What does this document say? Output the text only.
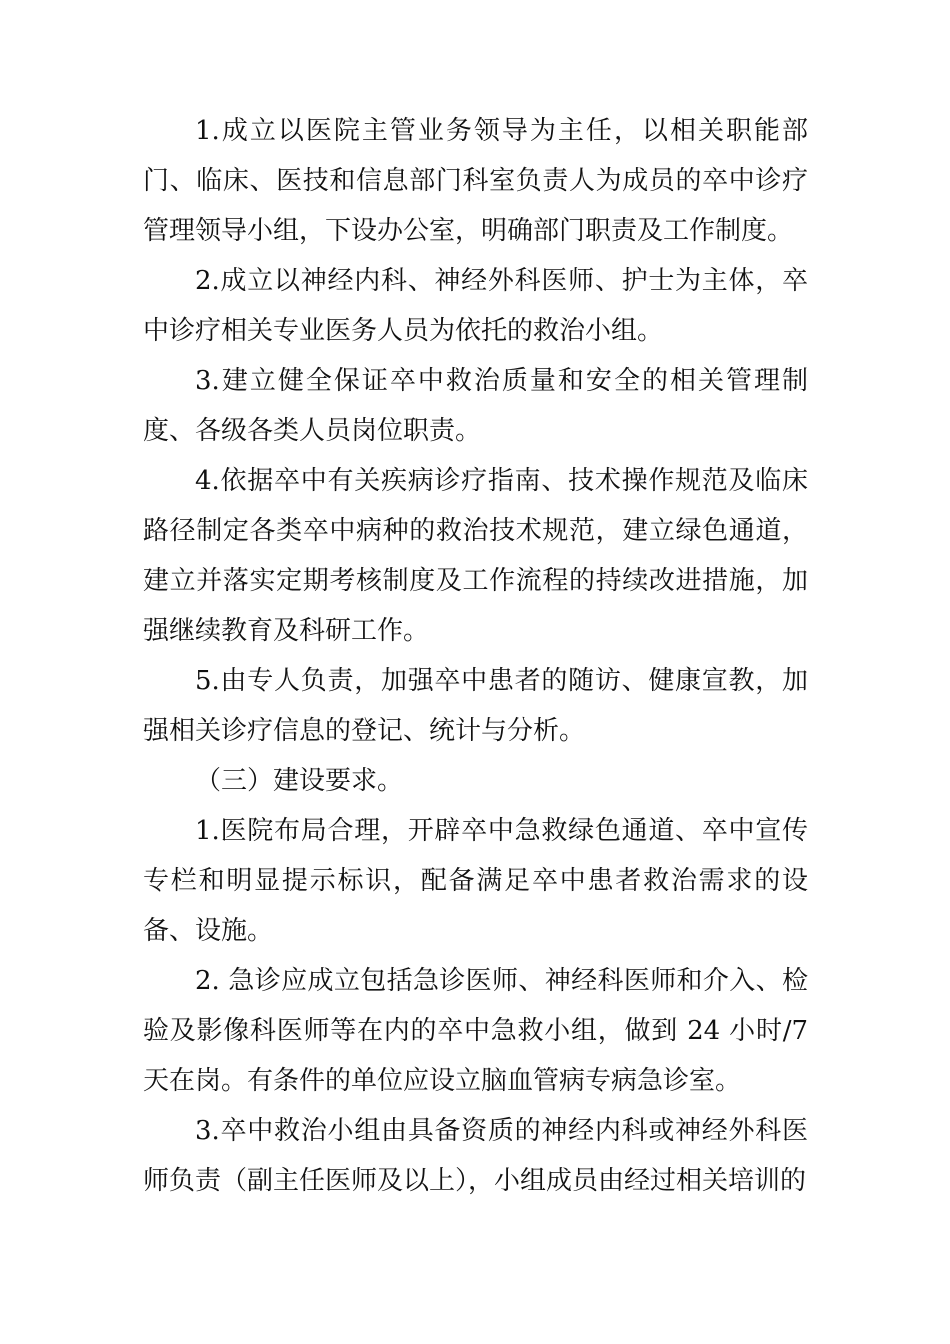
1.成立以医院主管业务领导为主任，以相关职能部门、临床、医技和信息部门科室负责人为成员的卒中诊疗管理领导小组，下设办公室，明确部门职责及工作制度。

2.成立以神经内科、神经外科医师、护士为主体，卒中诊疗相关专业医务人员为依托的救治小组。

3.建立健全保证卒中救治质量和安全的相关管理制度、各级各类人员岗位职责。

4.依据卒中有关疾病诊疗指南、技术操作规范及临床路径制定各类卒中病种的救治技术规范，建立绿色通道，建立并落实定期考核制度及工作流程的持续改进措施，加强继续教育及科研工作。

5.由专人负责，加强卒中患者的随访、健康宣教，加强相关诊疗信息的登记、统计与分析。

（三）建设要求。

1.医院布局合理，开辟卒中急救绿色通道、卒中宣传专栏和明显提示标识，配备满足卒中患者救治需求的设备、设施。

2. 急诊应成立包括急诊医师、神经科医师和介入、检验及影像科医师等在内的卒中急救小组，做到 24 小时/7 天在岗。有条件的单位应设立脑血管病专病急诊室。

3.卒中救治小组由具备资质的神经内科或神经外科医师负责（副主任医师及以上），小组成员由经过相关培训的
